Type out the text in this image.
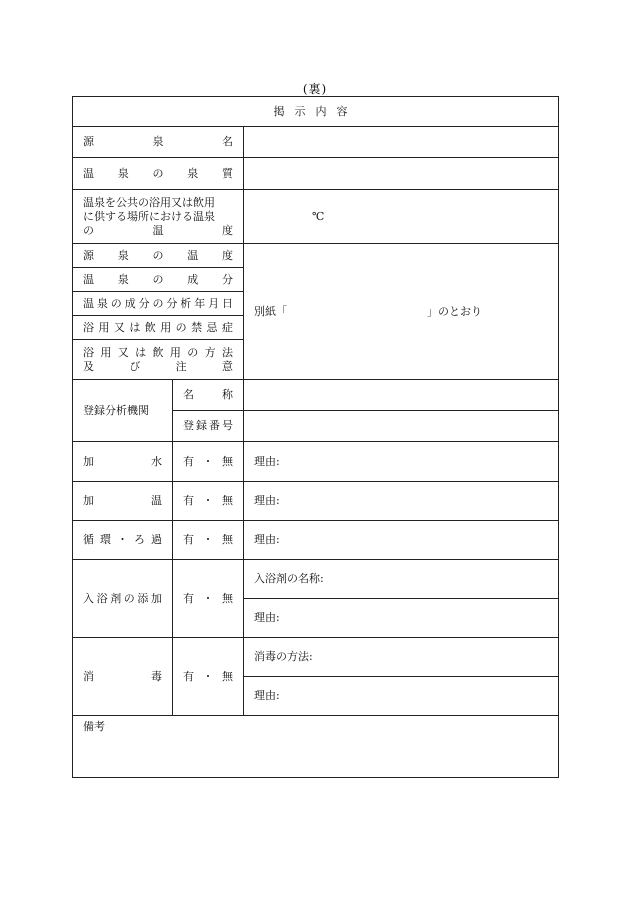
(裏)
掲示内容		
源泉名		
温泉の泉質		

温泉を公共の浴用又は飲用
に供する場所における温泉
の温度		℃
源泉の温度		別紙「 」のとおり
温泉の成分		
温泉の成分の分析年月日		
浴用又は飲用の禁忌症		

浴用又は飲用の方法
及び注意		

登録分析機関	名称	
	登録番号	
加水	有・無	理由:
加温	有・無	理由:
循環・ろ過	有・無	理由:
入浴剤の添加	有・無	入浴剤の名称:
		理由:
消毒	有・無	消毒の方法:
		理由:
備考		
